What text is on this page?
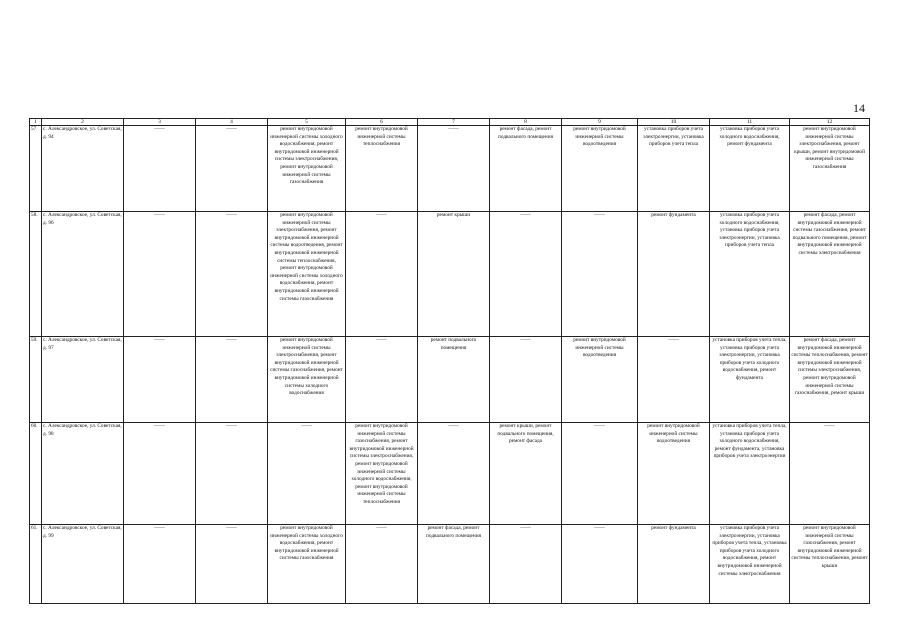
14
1	2	3	4	5	6	7	8	9	10	11	12
57	с. Александровское, ул. Советская, д. 94	——	——	ремонт внутридомовой инженерной системы холодного водоснабжения, ремонт внутридомовой инженерной системы электроснабжения, ремонт внутридомовой инженерной системы газоснабжения	ремонт внутридомовой инженерной системы теплоснабжения	——	ремонт фасада, ремонт подвального помещения	ремонт внутридомовой инженерной системы водоотведения	установка приборов учета электроэнергии, установка приборов учета тепла	установка приборов учета холодного водоснабжения, ремонт фундамента	ремонт внутридомовой инженерной системы электроснабжения, ремонт крыши, ремонт внутридомовой инженерной системы газоснабжения
58.	с. Александровское, ул. Советская, д. 96	——	——	ремонт внутридомовой инженерной системы электроснабжения, ремонт внутридомовой инженерной системы водоотведения, ремонт внутридомовой инженерной системы теплоснабжения, ремонт внутридомовой инженерной системы холодного водоснабжения, ремонт внутридомовой инженерной системы газоснабжения	——	ремонт крыши	——	——	ремонт фундамента	установка приборов учета холодного водоснабжения, установка приборов учета электроэнергии, установка приборов учета тепла	ремонт фасада, ремонт внутридомовой инженерной системы газоснабжения, ремонт подвального помещения, ремонт внутридомовой инженерной системы электроснабжения
59.	с. Александровское, ул. Советская, д. 97	——	——	ремонт внутридомовой инженерной системы электроснабжения, ремонт внутридомовой инженерной системы газоснабжения, ремонт внутридомовой инженерной системы холодного водоснабжения	——	ремонт подвального помещения	——	ремонт внутридомовой инженерной системы водоотведения	——	установка приборов учета тепла, установка приборов учета электроэнергии, установка приборов учета холодного водоснабжения, ремонт фундамента	ремонт фасада, ремонт внутридомовой инженерной системы теплоснабжения, ремонт внутридомовой инженерной системы электроснабжения, ремонт внутридомовой инженерной системы газоснабжения, ремонт крыши
60.	с. Александровское, ул. Советская, д. 98	——	——	——	ремонт внутридомовой инженерной системы газоснабжения, ремонт внутридомовой инженерной системы электроснабжения, ремонт внутридомовой инженерной системы холодного водоснабжения, ремонт внутридомовой инженерной системы теплоснабжения	——	ремонт крыши, ремонт подвального помещения, ремонт фасада	——	ремонт внутридомовой инженерной системы водоотведения	установка приборов учета тепла, установка приборов учета холодного водоснабжения, ремонт фундамента, установка приборов учета электроэнергии	——
61.	с. Александровское, ул. Советская, д. 99	——	——	ремонт внутридомовой инженерной системы холодного водоснабжения, ремонт внутридомовой инженерной системы газоснабжения	——	ремонт фасада, ремонт подвального помещения	——	——	ремонт фундамента	установка приборов учета электроэнергии, установка приборов учета тепла, установка приборов учета холодного водоснабжения, ремонт внутридомовой инженерной системы электроснабжения	ремонт внутридомовой инженерной системы газоснабжения, ремонт внутридомовой инженерной системы теплоснабжения, ремонт крыши
